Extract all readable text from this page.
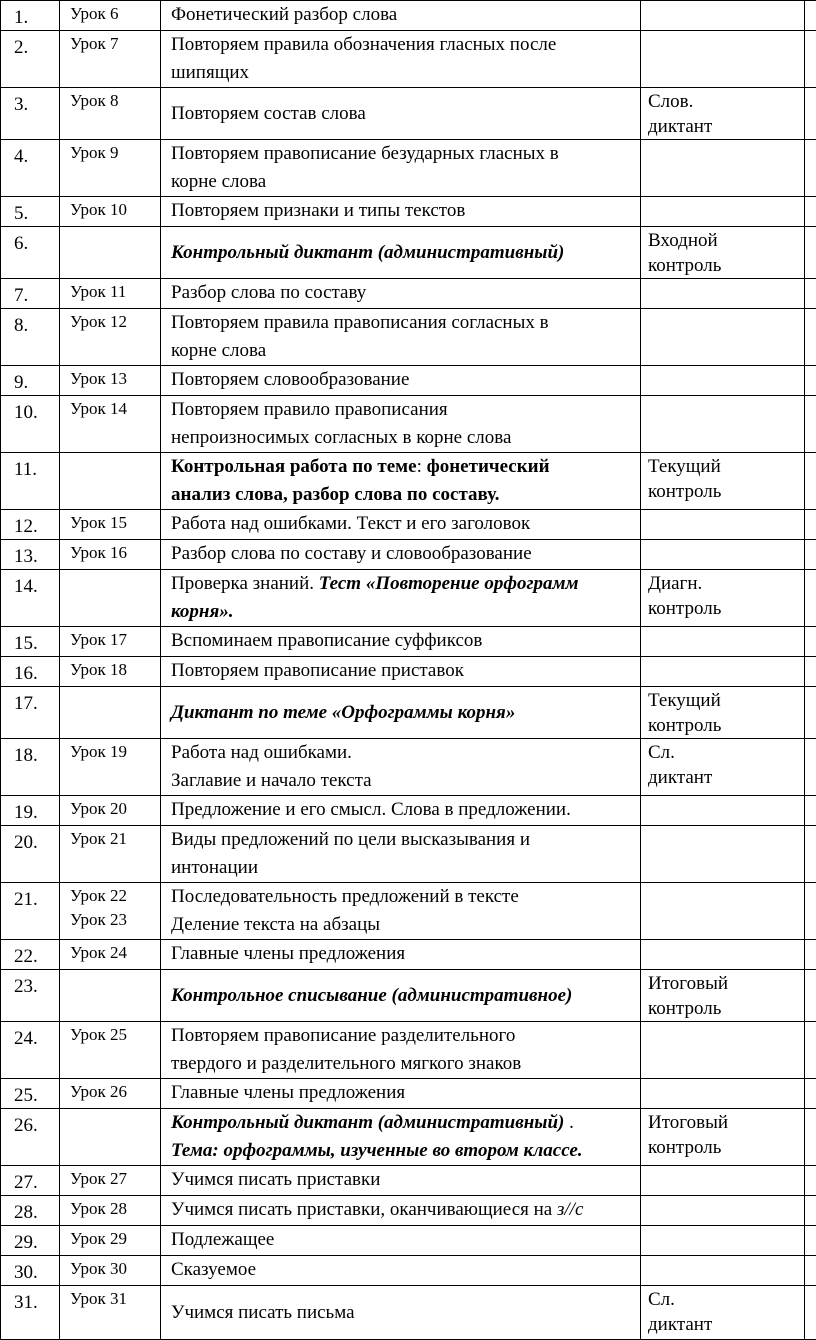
1.	Урок 6	Фонетический разбор слова		
2.	Урок 7	Повторяем правила обозначения гласных после
шипящих		

3.	Урок 8	Повторяем состав слова	Слов.
диктант	

4.	Урок 9	Повторяем правописание безударных гласных в
корне слова		

5.	Урок 10	Повторяем признаки и типы текстов		
6.		Контрольный диктант (административный)	Входной
контроль	

7.	Урок 11	Разбор слова по составу		
8.	Урок 12	Повторяем правила правописания согласных в
корне слова		

9.	Урок 13	Повторяем словообразование		
10.	Урок 14	Повторяем правило правописания
непроизносимых согласных в корне слова		

11.		Контрольная работа по теме: фонетический
анализ слова, разбор слова по составу.	Текущий
контроль	

12.	Урок 15	Работа над ошибками. Текст и его заголовок		
13.	Урок 16	Разбор слова по составу и словообразование		
14.		Проверка знаний. Тест «Повторение орфограмм
корня».	Диагн.
контроль	

15.	Урок 17	Вспоминаем правописание суффиксов		
16.	Урок 18	Повторяем правописание приставок		
17.		Диктант по теме «Орфограммы корня»	Текущий
контроль	

18.	Урок 19	Работа над ошибками.
Заглавие и начало текста	Сл.
диктант	

19.	Урок 20	Предложение и его смысл. Слова в предложении.		
20.	Урок 21	Виды предложений по цели высказывания и
интонации		

21.	Урок 22
Урок 23	Последовательность предложений в тексте
Деление текста на абзацы		

22.	Урок 24	Главные члены предложения		
23.		Контрольное списывание (административное)	Итоговый
контроль	

24.	Урок 25	Повторяем правописание разделительного
твердого и разделительного мягкого знаков		

25.	Урок 26	Главные члены предложения		
26.		Контрольный диктант (административный) .
Тема: орфограммы, изученные во втором классе.	Итоговый
контроль	

27.	Урок 27	Учимся писать приставки		
28.	Урок 28	Учимся писать приставки, оканчивающиеся на з//с		
29.	Урок 29	Подлежащее		
30.	Урок 30	Сказуемое		
31.	Урок 31	Учимся писать письма	Сл.
диктант	
